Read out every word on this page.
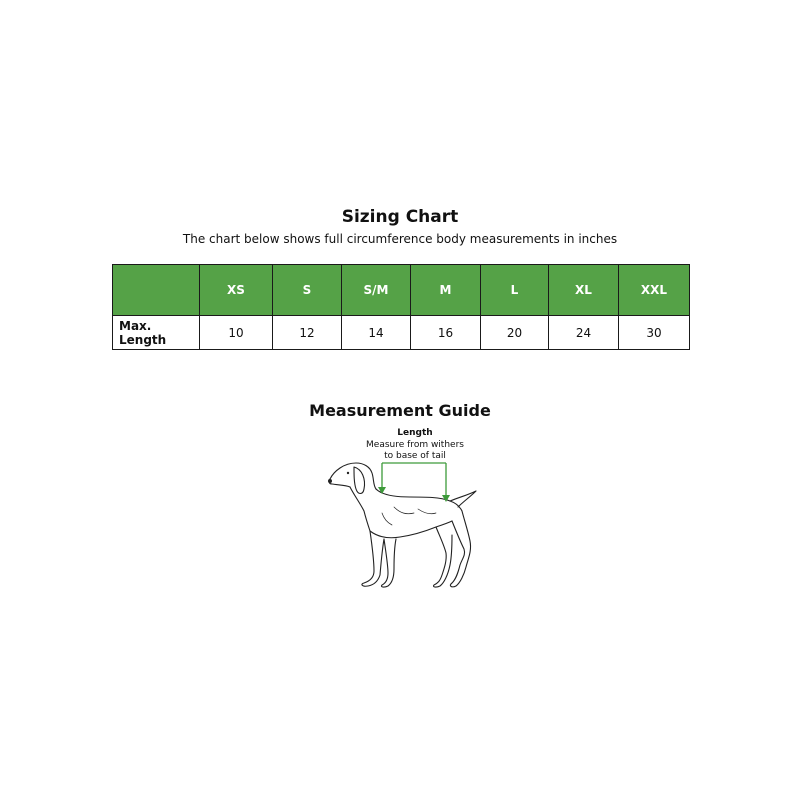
Sizing Chart

The chart below shows full circumference body measurements in inches

	XS	S	S/M	M	L	XL	XXL
Max. Length	10	12	14	16	20	24	30
Measurement Guide
Length
Measure from withers
to base of tail
